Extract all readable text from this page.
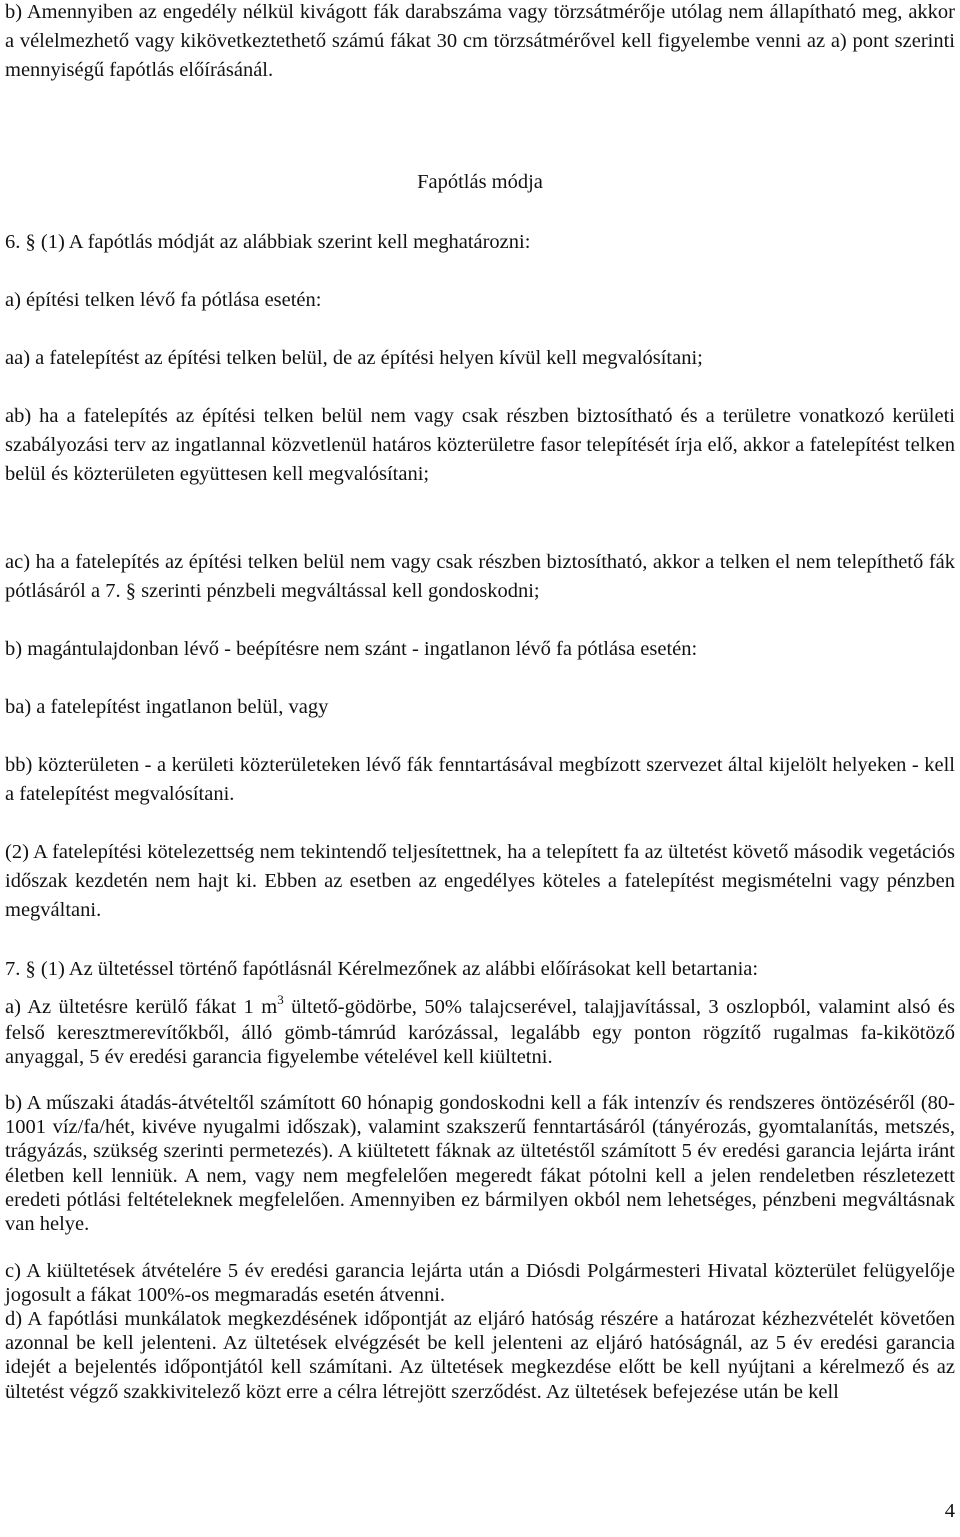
b) Amennyiben az engedély nélkül kivágott fák darabszáma vagy törzsátmérője utólag nem állapítható meg, akkor a vélelmezhető vagy kikövetkeztethető számú fákat 30 cm törzsátmérővel kell figyelembe venni az a) pont szerinti mennyiségű fapótlás előírásánál.

Fapótlás módja

6. § (1) A fapótlás módját az alábbiak szerint kell meghatározni:

a) építési telken lévő fa pótlása esetén:

aa) a fatelepítést az építési telken belül, de az építési helyen kívül kell megvalósítani;

ab) ha a fatelepítés az építési telken belül nem vagy csak részben biztosítható és a területre vonatkozó kerületi szabályozási terv az ingatlannal közvetlenül határos közterületre fasor telepítését írja elő, akkor a fatelepítést telken belül és közterületen együttesen kell megvalósítani;

ac) ha a fatelepítés az építési telken belül nem vagy csak részben biztosítható, akkor a telken el nem telepíthető fák pótlásáról a 7. § szerinti pénzbeli megváltással kell gondoskodni;

b) magántulajdonban lévő - beépítésre nem szánt - ingatlanon lévő fa pótlása esetén:

ba) a fatelepítést ingatlanon belül, vagy

bb) közterületen - a kerületi közterületeken lévő fák fenntartásával megbízott szervezet által kijelölt helyeken - kell a fatelepítést megvalósítani.

(2) A fatelepítési kötelezettség nem tekintendő teljesítettnek, ha a telepített fa az ültetést követő második vegetációs időszak kezdetén nem hajt ki. Ebben az esetben az engedélyes köteles a fatelepítést megismételni vagy pénzben megváltani.

7. § (1) Az ültetéssel történő fapótlásnál Kérelmezőnek az alábbi előírásokat kell betartania:

a) Az ültetésre kerülő fákat 1 $m^3$ ültető-gödörbe, 50% talajcserével, talajjavítással, 3 oszlopból, valamint alsó és felső keresztmerevítőkből, álló gömb-támrúd karózással, legalább egy ponton rögzítő rugalmas fa-kikötöző anyaggal, 5 év eredési garancia figyelembe vételével kell kiültetni.

b) A műszaki átadás-átvételtől számított 60 hónapig gondoskodni kell a fák intenzív és rendszeres öntözéséről (80-1001 víz/fa/hét, kivéve nyugalmi időszak), valamint szakszerű fenntartásáról (tányérozás, gyomtalanítás, metszés, trágyázás, szükség szerinti permetezés). A kiültetett fáknak az ültetéstől számított 5 év eredési garancia lejárta iránt életben kell lenniük. A nem, vagy nem megfelelően megeredt fákat pótolni kell a jelen rendeletben részletezett eredeti pótlási feltételeknek megfelelően. Amennyiben ez bármilyen okból nem lehetséges, pénzbeni megváltásnak van helye.

c) A kiültetések átvételére 5 év eredési garancia lejárta után a Diósdi Polgármesteri Hivatal közterület felügyelője jogosult a fákat 100%-os megmaradás esetén átvenni.

d) A fapótlási munkálatok megkezdésének időpontját az eljáró hatóság részére a határozat kézhezvételét követően azonnal be kell jelenteni. Az ültetések elvégzését be kell jelenteni az eljáró hatóságnál, az 5 év eredési garancia idejét a bejelentés időpontjától kell számítani. Az ültetések megkezdése előtt be kell nyújtani a kérelmező és az ültetést végző szakkivitelező közt erre a célra létrejött szerződést. Az ültetések befejezése után be kell

4
